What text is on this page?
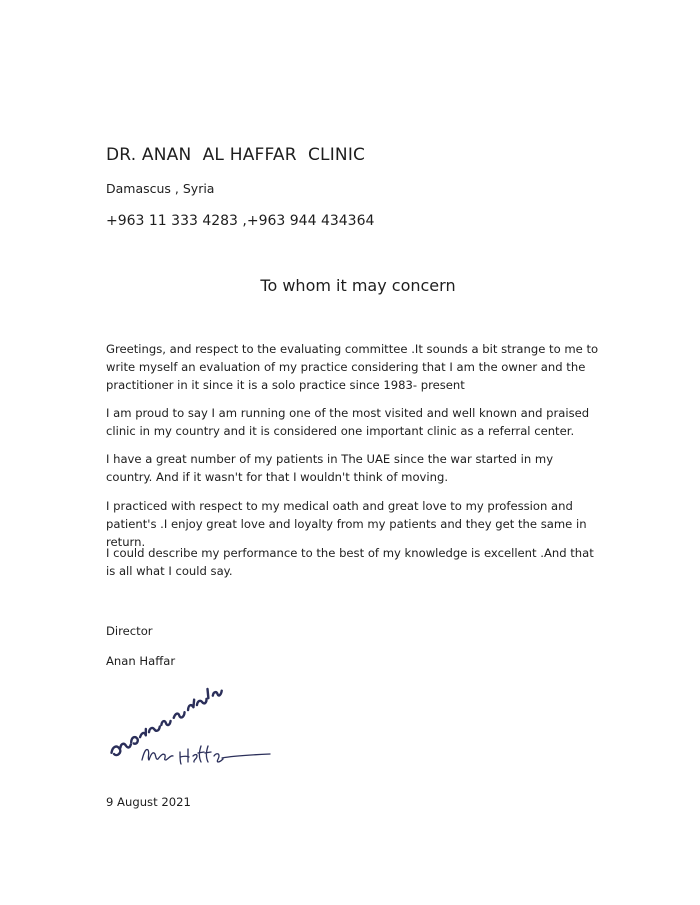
DR. ANAN  AL HAFFAR  CLINIC
Damascus , Syria
+963 11 333 4283 ,+963 944 434364
To whom it may concern

Greetings, and respect to the evaluating committee .It sounds a bit strange to me to write myself an evaluation of my practice considering that I am the owner and the practitioner in it since it is a solo practice since 1983- present

I am proud to say I am running one of the most visited and well known and praised clinic in my country and it is considered one important clinic as a referral center.

I have a great number of my patients in The UAE since the war started in my country. And if it wasn't for that I wouldn't think of moving.

I practiced with respect to my medical oath and great love to my profession and patient's .I enjoy great love and loyalty from my patients and they get the same in return.

I could describe my performance to the best of my knowledge is excellent .And that is all what I could say.

Director
Anan Haffar
9 August 2021
